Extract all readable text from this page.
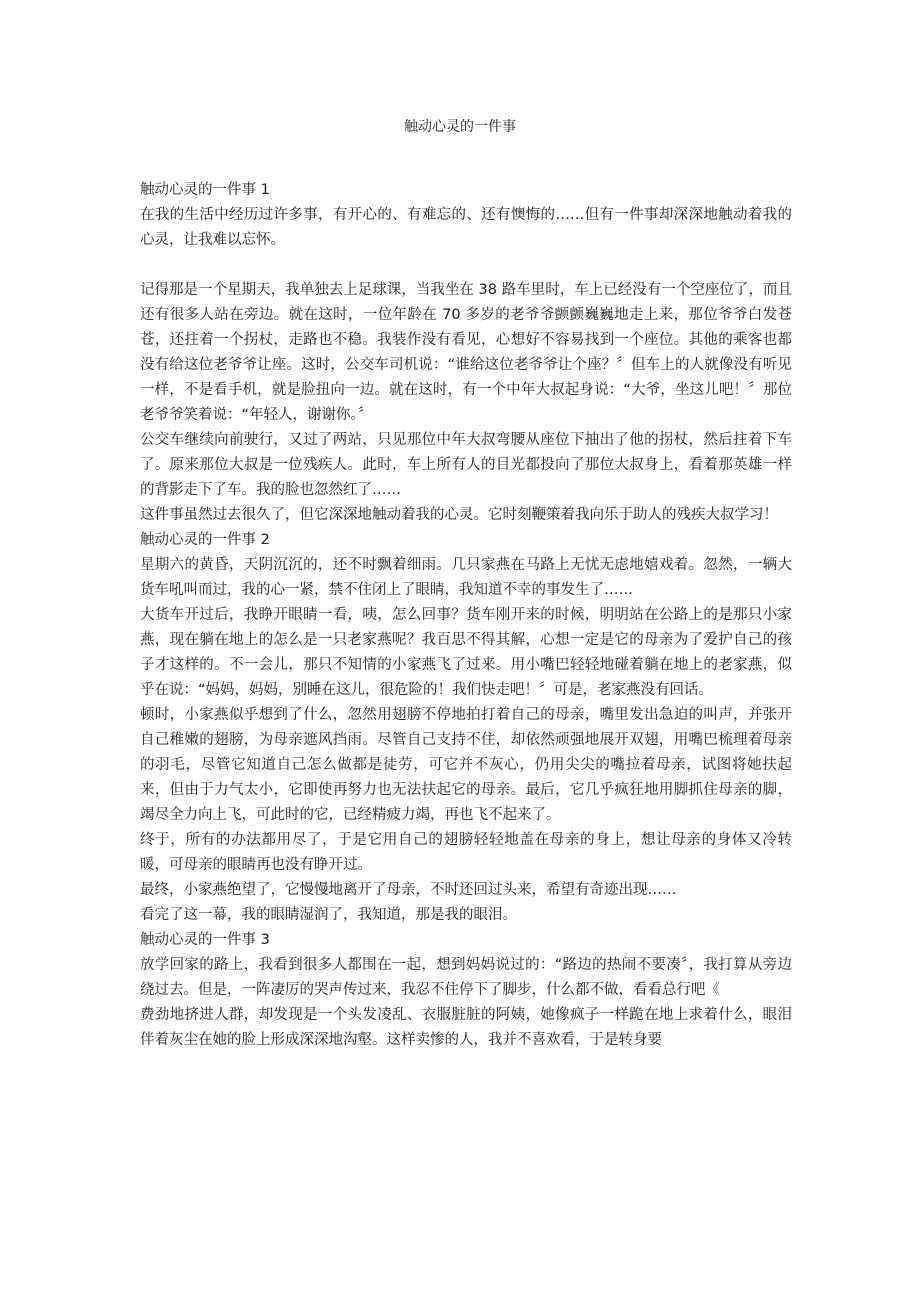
触动心灵的一件事

触动心灵的一件事 1

在我的生活中经历过许多事，有开心的、有难忘的、还有懊悔的……但有一件事却深深地触动着我的心灵，让我难以忘怀。

记得那是一个星期天，我单独去上足球课，当我坐在 38 路车里时，车上已经没有一个空座位了，而且还有很多人站在旁边。就在这时，一位年龄在 70 多岁的老爷爷颤颤巍巍地走上来，那位爷爷白发苍苍，还拄着一个拐杖，走路也不稳。我装作没有看见，心想好不容易找到一个座位。其他的乘客也都没有给这位老爷爷让座。这时，公交车司机说：“谁给这位老爷爷让个座？〞但车上的人就像没有听见一样，不是看手机，就是脸扭向一边。就在这时，有一个中年大叔起身说：“大爷，坐这儿吧！〞那位老爷爷笑着说：“年轻人，谢谢你。〞

公交车继续向前驶行，又过了两站，只见那位中年大叔弯腰从座位下抽出了他的拐杖，然后拄着下车了。原来那位大叔是一位残疾人。此时，车上所有人的目光都投向了那位大叔身上，看着那英雄一样的背影走下了车。我的脸也忽然红了……

这件事虽然过去很久了，但它深深地触动着我的心灵。它时刻鞭策着我向乐于助人的残疾大叔学习！

触动心灵的一件事 2

星期六的黄昏，天阴沉沉的，还不时飘着细雨。几只家燕在马路上无忧无虑地嬉戏着。忽然，一辆大货车吼叫而过，我的心一紧，禁不住闭上了眼睛，我知道不幸的事发生了……

大货车开过后，我睁开眼睛一看，咦，怎么回事？货车刚开来的时候，明明站在公路上的是那只小家燕，现在躺在地上的怎么是一只老家燕呢？我百思不得其解，心想一定是它的母亲为了爱护自己的孩子才这样的。不一会儿，那只不知情的小家燕飞了过来。用小嘴巴轻轻地碰着躺在地上的老家燕，似乎在说：“妈妈，妈妈，别睡在这儿，很危险的！我们快走吧！〞可是，老家燕没有回话。

顿时，小家燕似乎想到了什么，忽然用翅膀不停地拍打着自己的母亲，嘴里发出急迫的叫声，并张开自己稚嫩的翅膀，为母亲遮风挡雨。尽管自己支持不住，却依然顽强地展开双翅，用嘴巴梳理着母亲的羽毛，尽管它知道自己怎么做都是徒劳，可它并不灰心，仍用尖尖的嘴拉着母亲，试图将她扶起来，但由于力气太小，它即使再努力也无法扶起它的母亲。最后，它几乎疯狂地用脚抓住母亲的脚，竭尽全力向上飞，可此时的它，已经精疲力竭，再也飞不起来了。

终于，所有的办法都用尽了，于是它用自己的翅膀轻轻地盖在母亲的身上，想让母亲的身体又冷转暖，可母亲的眼睛再也没有睁开过。

最终，小家燕绝望了，它慢慢地离开了母亲，不时还回过头来，希望有奇迹出现……

看完了这一幕，我的眼睛湿润了，我知道，那是我的眼泪。

触动心灵的一件事 3

放学回家的路上，我看到很多人都围在一起，想到妈妈说过的：“路边的热闹不要凑〞，我打算从旁边绕过去。但是，一阵凄厉的哭声传过来，我忍不住停下了脚步，什么都不做，看看总行吧《

费劲地挤进人群，却发现是一个头发凌乱、衣服脏脏的阿姨，她像疯子一样跪在地上求着什么，眼泪伴着灰尘在她的脸上形成深深地沟壑。这样卖惨的人，我并不喜欢看，于是转身要
